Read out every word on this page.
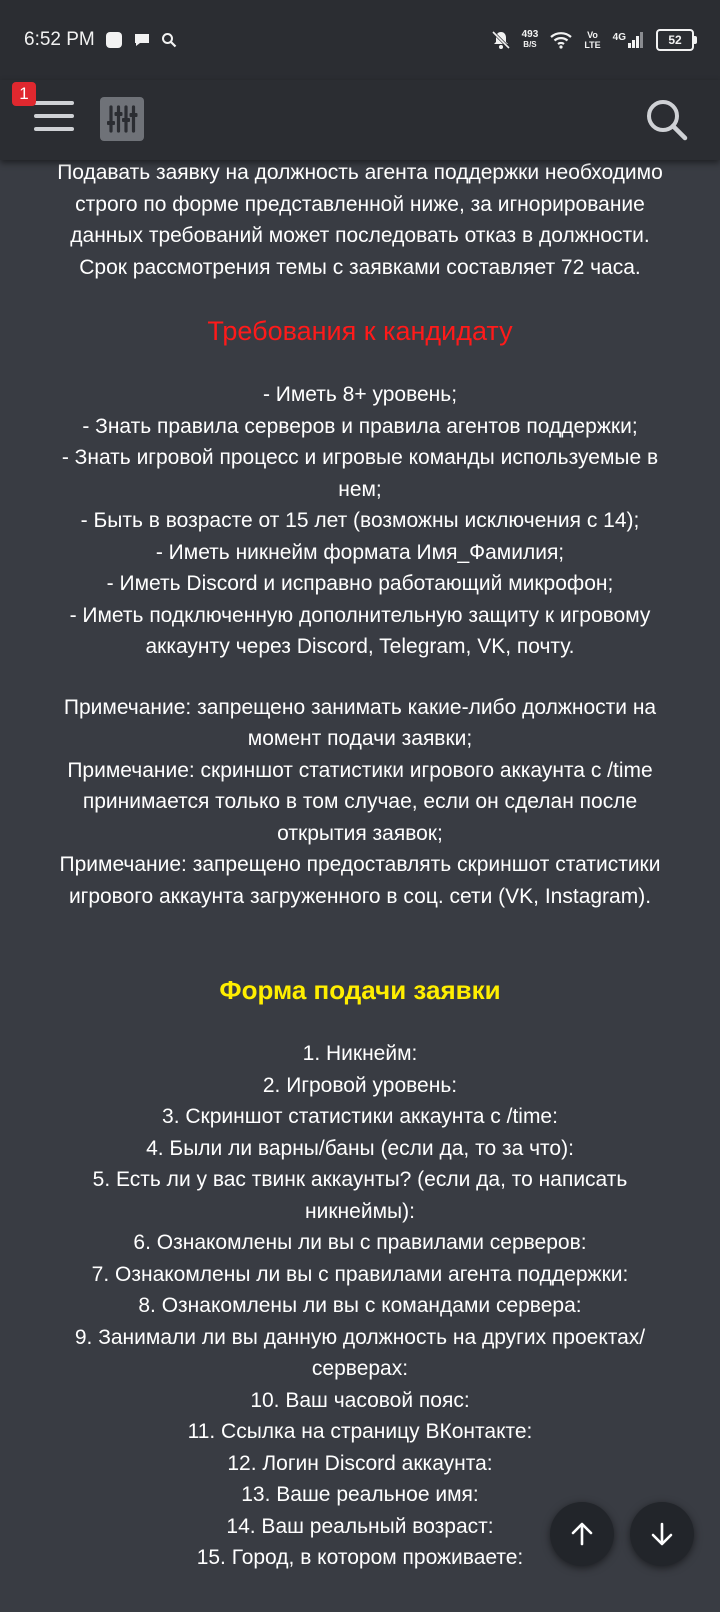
6:52 PM	493
B/S
Vo
LTE
4G	52
1
Подавать заявку на должность агента поддержки необходимо
строго по форме представленной ниже, за игнорирование
данных требований может последовать отказ в должности.
Срок рассмотрения темы с заявками составляет 72 часа.
Требования к кандидату
- Иметь 8+ уровень;
- Знать правила серверов и правила агентов поддержки;
- Знать игровой процесс и игровые команды используемые в
нем;
- Быть в возрасте от 15 лет (возможны исключения с 14);
- Иметь никнейм формата Имя_Фамилия;
- Иметь Discord и исправно работающий микрофон;
- Иметь подключенную дополнительную защиту к игровому
аккаунту через Discord, Telegram, VK, почту.
Примечание: запрещено занимать какие-либо должности на
момент подачи заявки;
Примечание: скриншот статистики игрового аккаунта с /time
принимается только в том случае, если он сделан после
открытия заявок;
Примечание: запрещено предоставлять скриншот статистики
игрового аккаунта загруженного в соц. сети (VK, Instagram).
Форма подачи заявки
1. Никнейм:
2. Игровой уровень:
3. Скриншот статистики аккаунта с /time:
4. Были ли варны/баны (если да, то за что):
5. Есть ли у вас твинк аккаунты? (если да, то написать
никнеймы):
6. Ознакомлены ли вы с правилами серверов:
7. Ознакомлены ли вы с правилами агента поддержки:
8. Ознакомлены ли вы с командами сервера:
9. Занимали ли вы данную должность на других проектах/
серверах:
10. Ваш часовой пояс:
11. Ссылка на страницу ВКонтакте:
12. Логин Discord аккаунта:
13. Ваше реальное имя:
14. Ваш реальный возраст:
15. Город, в котором проживаете:
